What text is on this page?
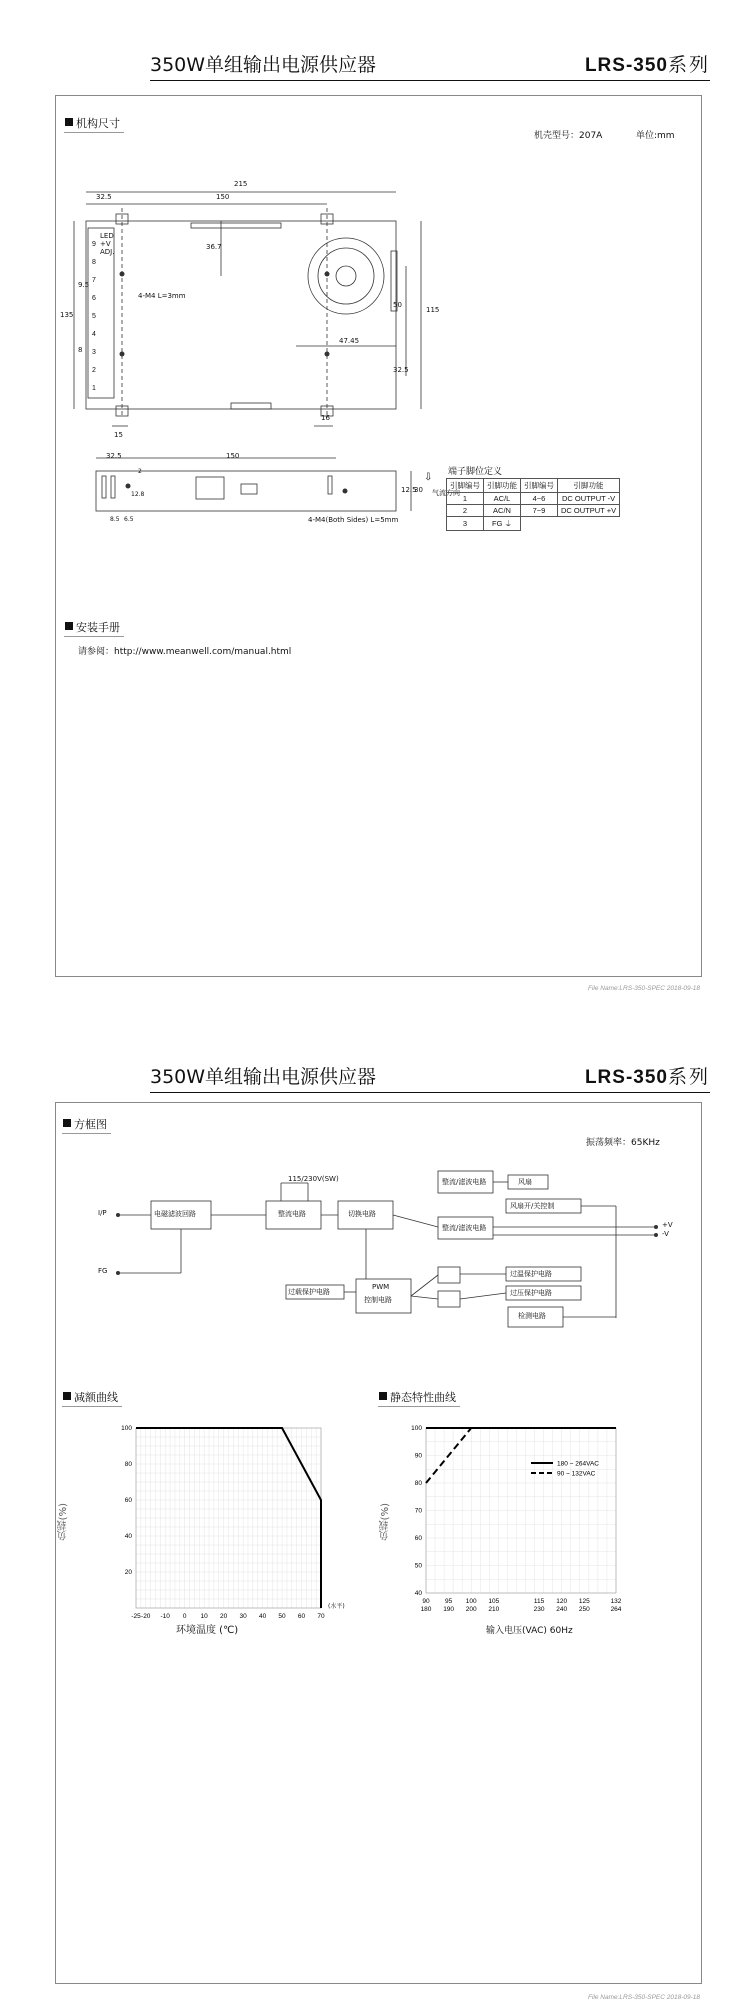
350W单组输出电源供应器	LRS-350系列
机构尺寸
机壳型号：207A	单位:mm
9
8
7
6
5
4
3
2
1
215
32.5	150
36.7
135
9.5
8
50
115
47.45
32.5
15
16
4-M4 L=3mm
LED
+V
ADJ.
32.5	150
30
12.5
8.5 6.5
12.8
2
4-M4(Both Sides) L=5mm
⇩
气流方向
端子脚位定义
引脚编号	引脚功能	引脚编号	引脚功能
1	AC/L	4~6	DC OUTPUT -V
2	AC/N	7~9	DC OUTPUT +V
3	FG ⏚		
安装手册
请参阅：http://www.meanwell.com/manual.html
File Name:LRS-350-SPEC 2018-09-18
350W单组输出电源供应器	LRS-350系列
方框图
振荡频率：65KHz
I/P
FG
电磁滤波回路
115/230V(SW)
整流电路	切换电路
整流/滤波电路	风扇
风扇开/关控制
整流/滤波电路	+V
-V
过温保护电路
过压保护电路
检测电路
PWM
控制电路
过载保护电路
减额曲线	静态特性曲线
-25 -20 -10 0 10 20 30 40 50 60 70
20
40
60
80
100
负载(%)
环境温度 (℃)
(水平)
90
180
95
190
100
200
105
210
115
230
120
240
125
250
132
264
40
50
60
70
80
90
100
180 ~ 264VAC
90 ~ 132VAC
负载(%)
输入电压(VAC) 60Hz
File Name:LRS-350-SPEC 2018-09-18
